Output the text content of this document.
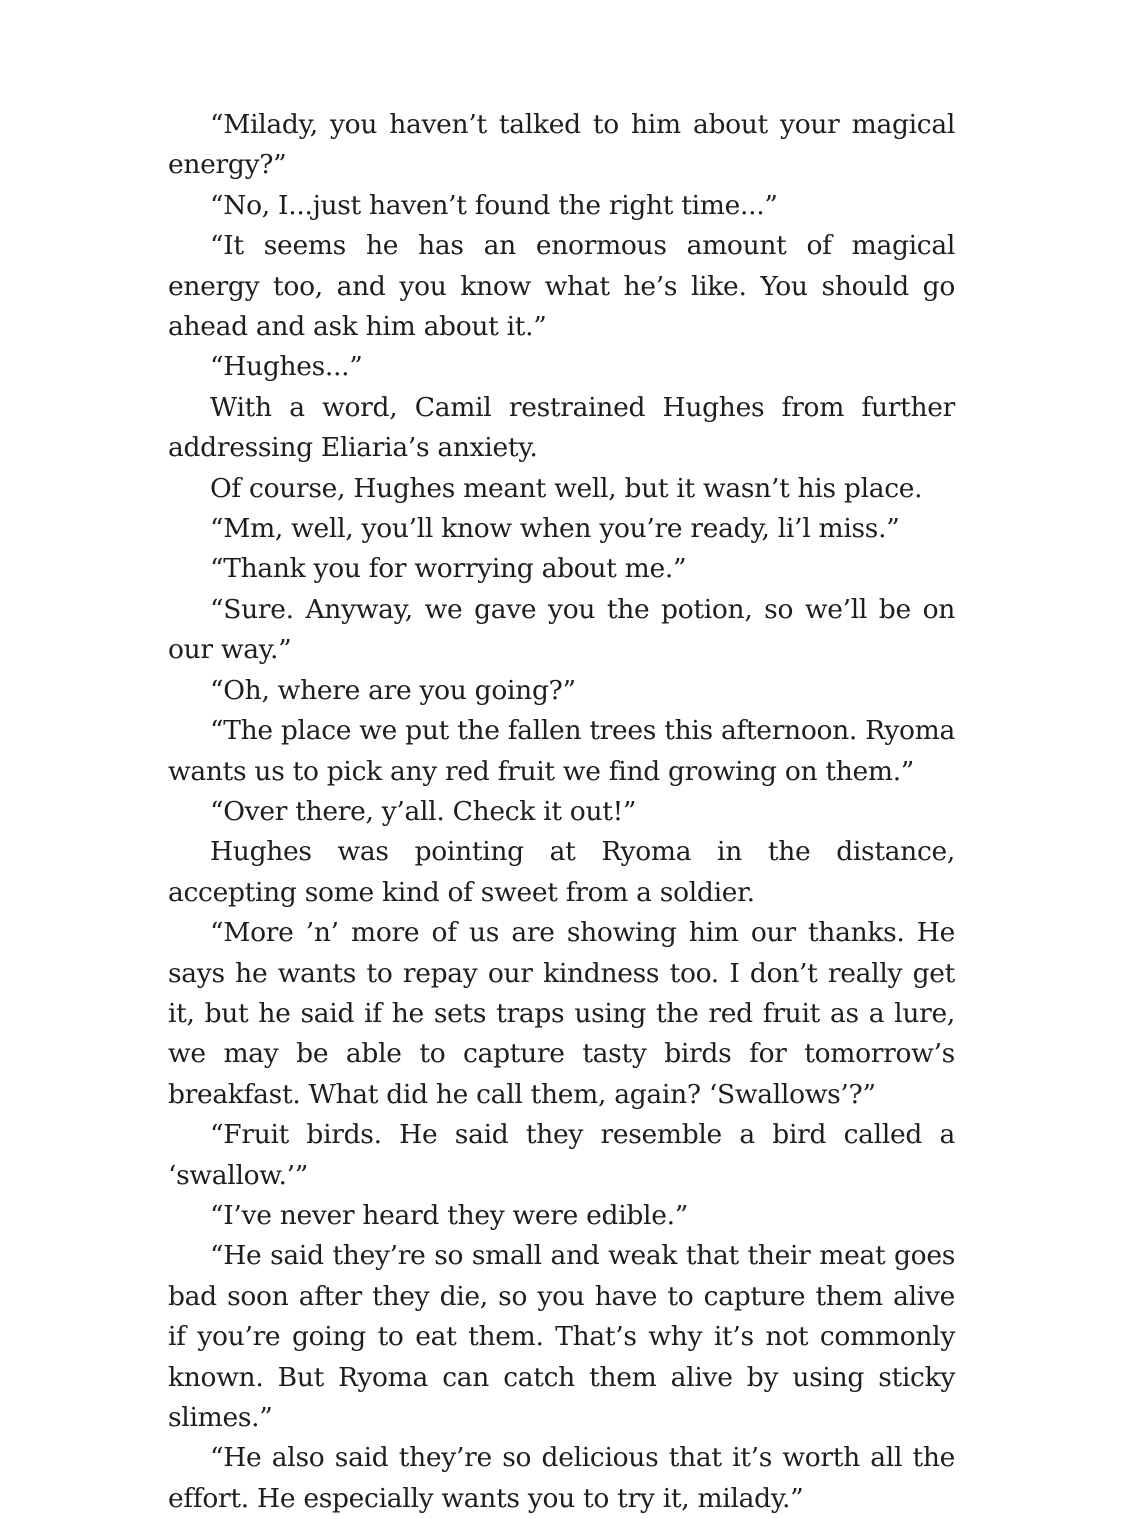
“Milady, you haven’t talked to him about your magical energy?”

“No, I...just haven’t found the right time...”

“It seems he has an enormous amount of magical energy too, and you know what he’s like. You should go ahead and ask him about it.”

“Hughes...”

With a word, Camil restrained Hughes from further addressing Eliaria’s anxiety.

Of course, Hughes meant well, but it wasn’t his place.

“Mm, well, you’ll know when you’re ready, li’l miss.”

“Thank you for worrying about me.”

“Sure. Anyway, we gave you the potion, so we’ll be on our way.”

“Oh, where are you going?”

“The place we put the fallen trees this afternoon. Ryoma wants us to pick any red fruit we find growing on them.”

“Over there, y’all. Check it out!”

Hughes was pointing at Ryoma in the distance, accepting some kind of sweet from a soldier.

“More ’n’ more of us are showing him our thanks. He says he wants to repay our kindness too. I don’t really get it, but he said if he sets traps using the red fruit as a lure, we may be able to capture tasty birds for tomorrow’s breakfast. What did he call them, again? ‘Swallows’?”

“Fruit birds. He said they resemble a bird called a ‘swallow.’”

“I’ve never heard they were edible.”

“He said they’re so small and weak that their meat goes bad soon after they die, so you have to capture them alive if you’re going to eat them. That’s why it’s not commonly known. But Ryoma can catch them alive by using sticky slimes.”

“He also said they’re so delicious that it’s worth all the effort. He especially wants you to try it, milady.”
